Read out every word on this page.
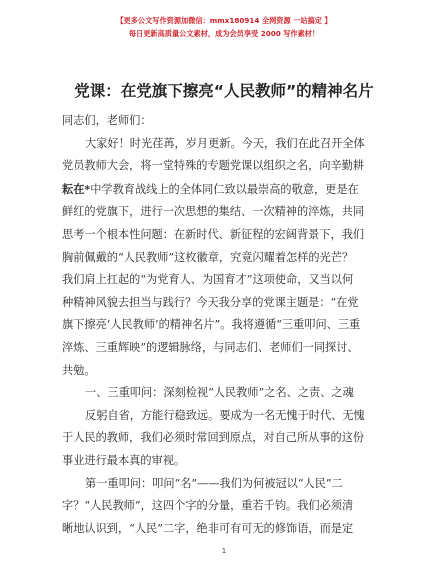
【更多公文写作资源加微信：mmx180914 全网资源 一站搞定 】
每日更新高质量公文素材，成为会员享受 2000 写作素材！
党课：在党旗下擦亮“人民教师”的精神名片

同志们，老师们：

大家好！时光荏苒，岁月更新。今天，我们在此召开全体
党员教师大会，将一堂特殊的专题党课以组织之名，向辛勤耕
耘在*中学教育战线上的全体同仁致以最崇高的敬意，更是在
鲜红的党旗下，进行一次思想的集结、一次精神的淬炼，共同
思考一个根本性问题：在新时代、新征程的宏阔背景下，我们
胸前佩戴的“人民教师”这枚徽章，究竟闪耀着怎样的光芒？
我们肩上扛起的“为党育人、为国育才”这项使命，又当以何
种精神风貌去担当与践行？今天我分享的党课主题是：“在党
旗下擦亮‘人民教师’的精神名片”。我将遵循“三重叩问、三重
淬炼、三重辉映”的逻辑脉络，与同志们、老师们一同探讨、
共勉。

一、三重叩问：深刻检视“人民教师”之名、之责、之魂

反躬自省，方能行稳致远。要成为一名无愧于时代、无愧
于人民的教师，我们必须时常回到原点，对自己所从事的这份
事业进行最本真的审视。

第一重叩问：叩问“名”——我们为何被冠以“人民”二
字？“人民教师”，这四个字的分量，重若千钧。我们必须清
晰地认识到，“人民”二字，绝非可有可无的修饰语，而是定

1
